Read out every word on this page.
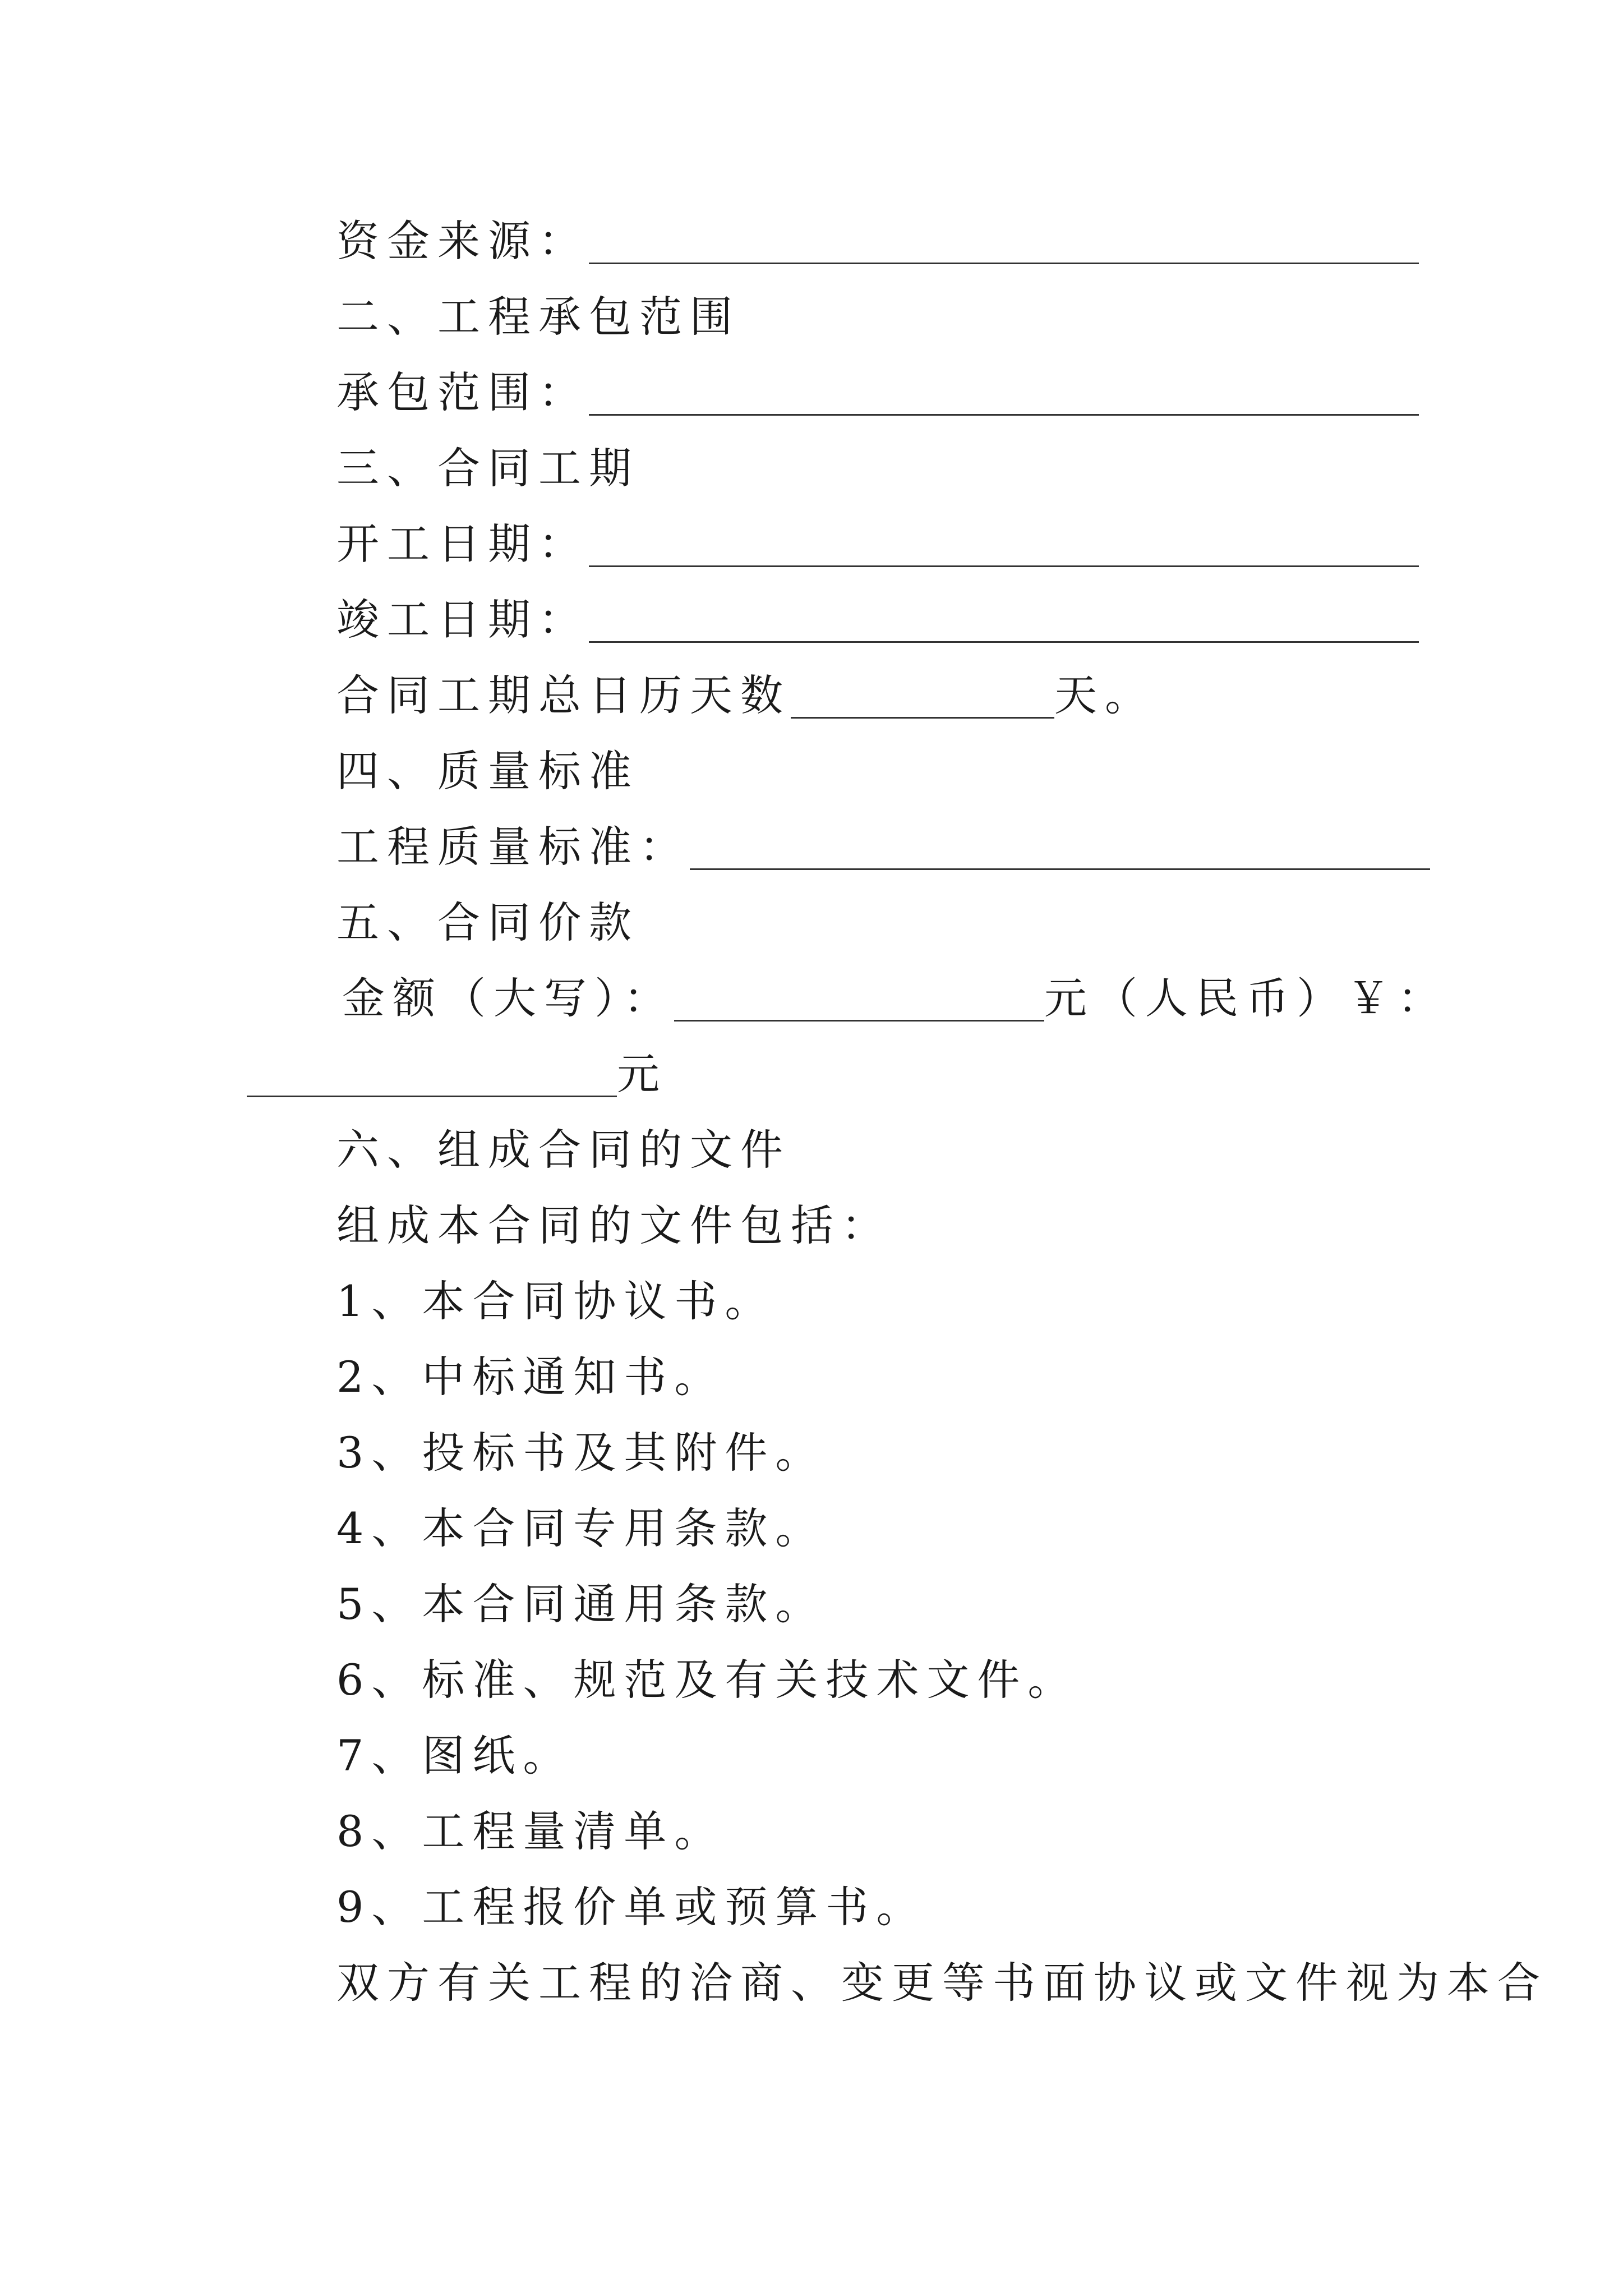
资金来源：
二、工程承包范围
承包范围：
三、合同工期
开工日期：
竣工日期：
合同工期总日历天数	天。
四、质量标准
工程质量标准：
五、合同价款
金额（大写）：	元（人民币）￥：
元
六、组成合同的文件
组成本合同的文件包括：
1、本合同协议书。
2、中标通知书。
3、投标书及其附件。
4、本合同专用条款。
5、本合同通用条款。
6、标准、规范及有关技术文件。
7、图纸。
8、工程量清单。
9、工程报价单或预算书。
双方有关工程的洽商、变更等书面协议或文件视为本合
